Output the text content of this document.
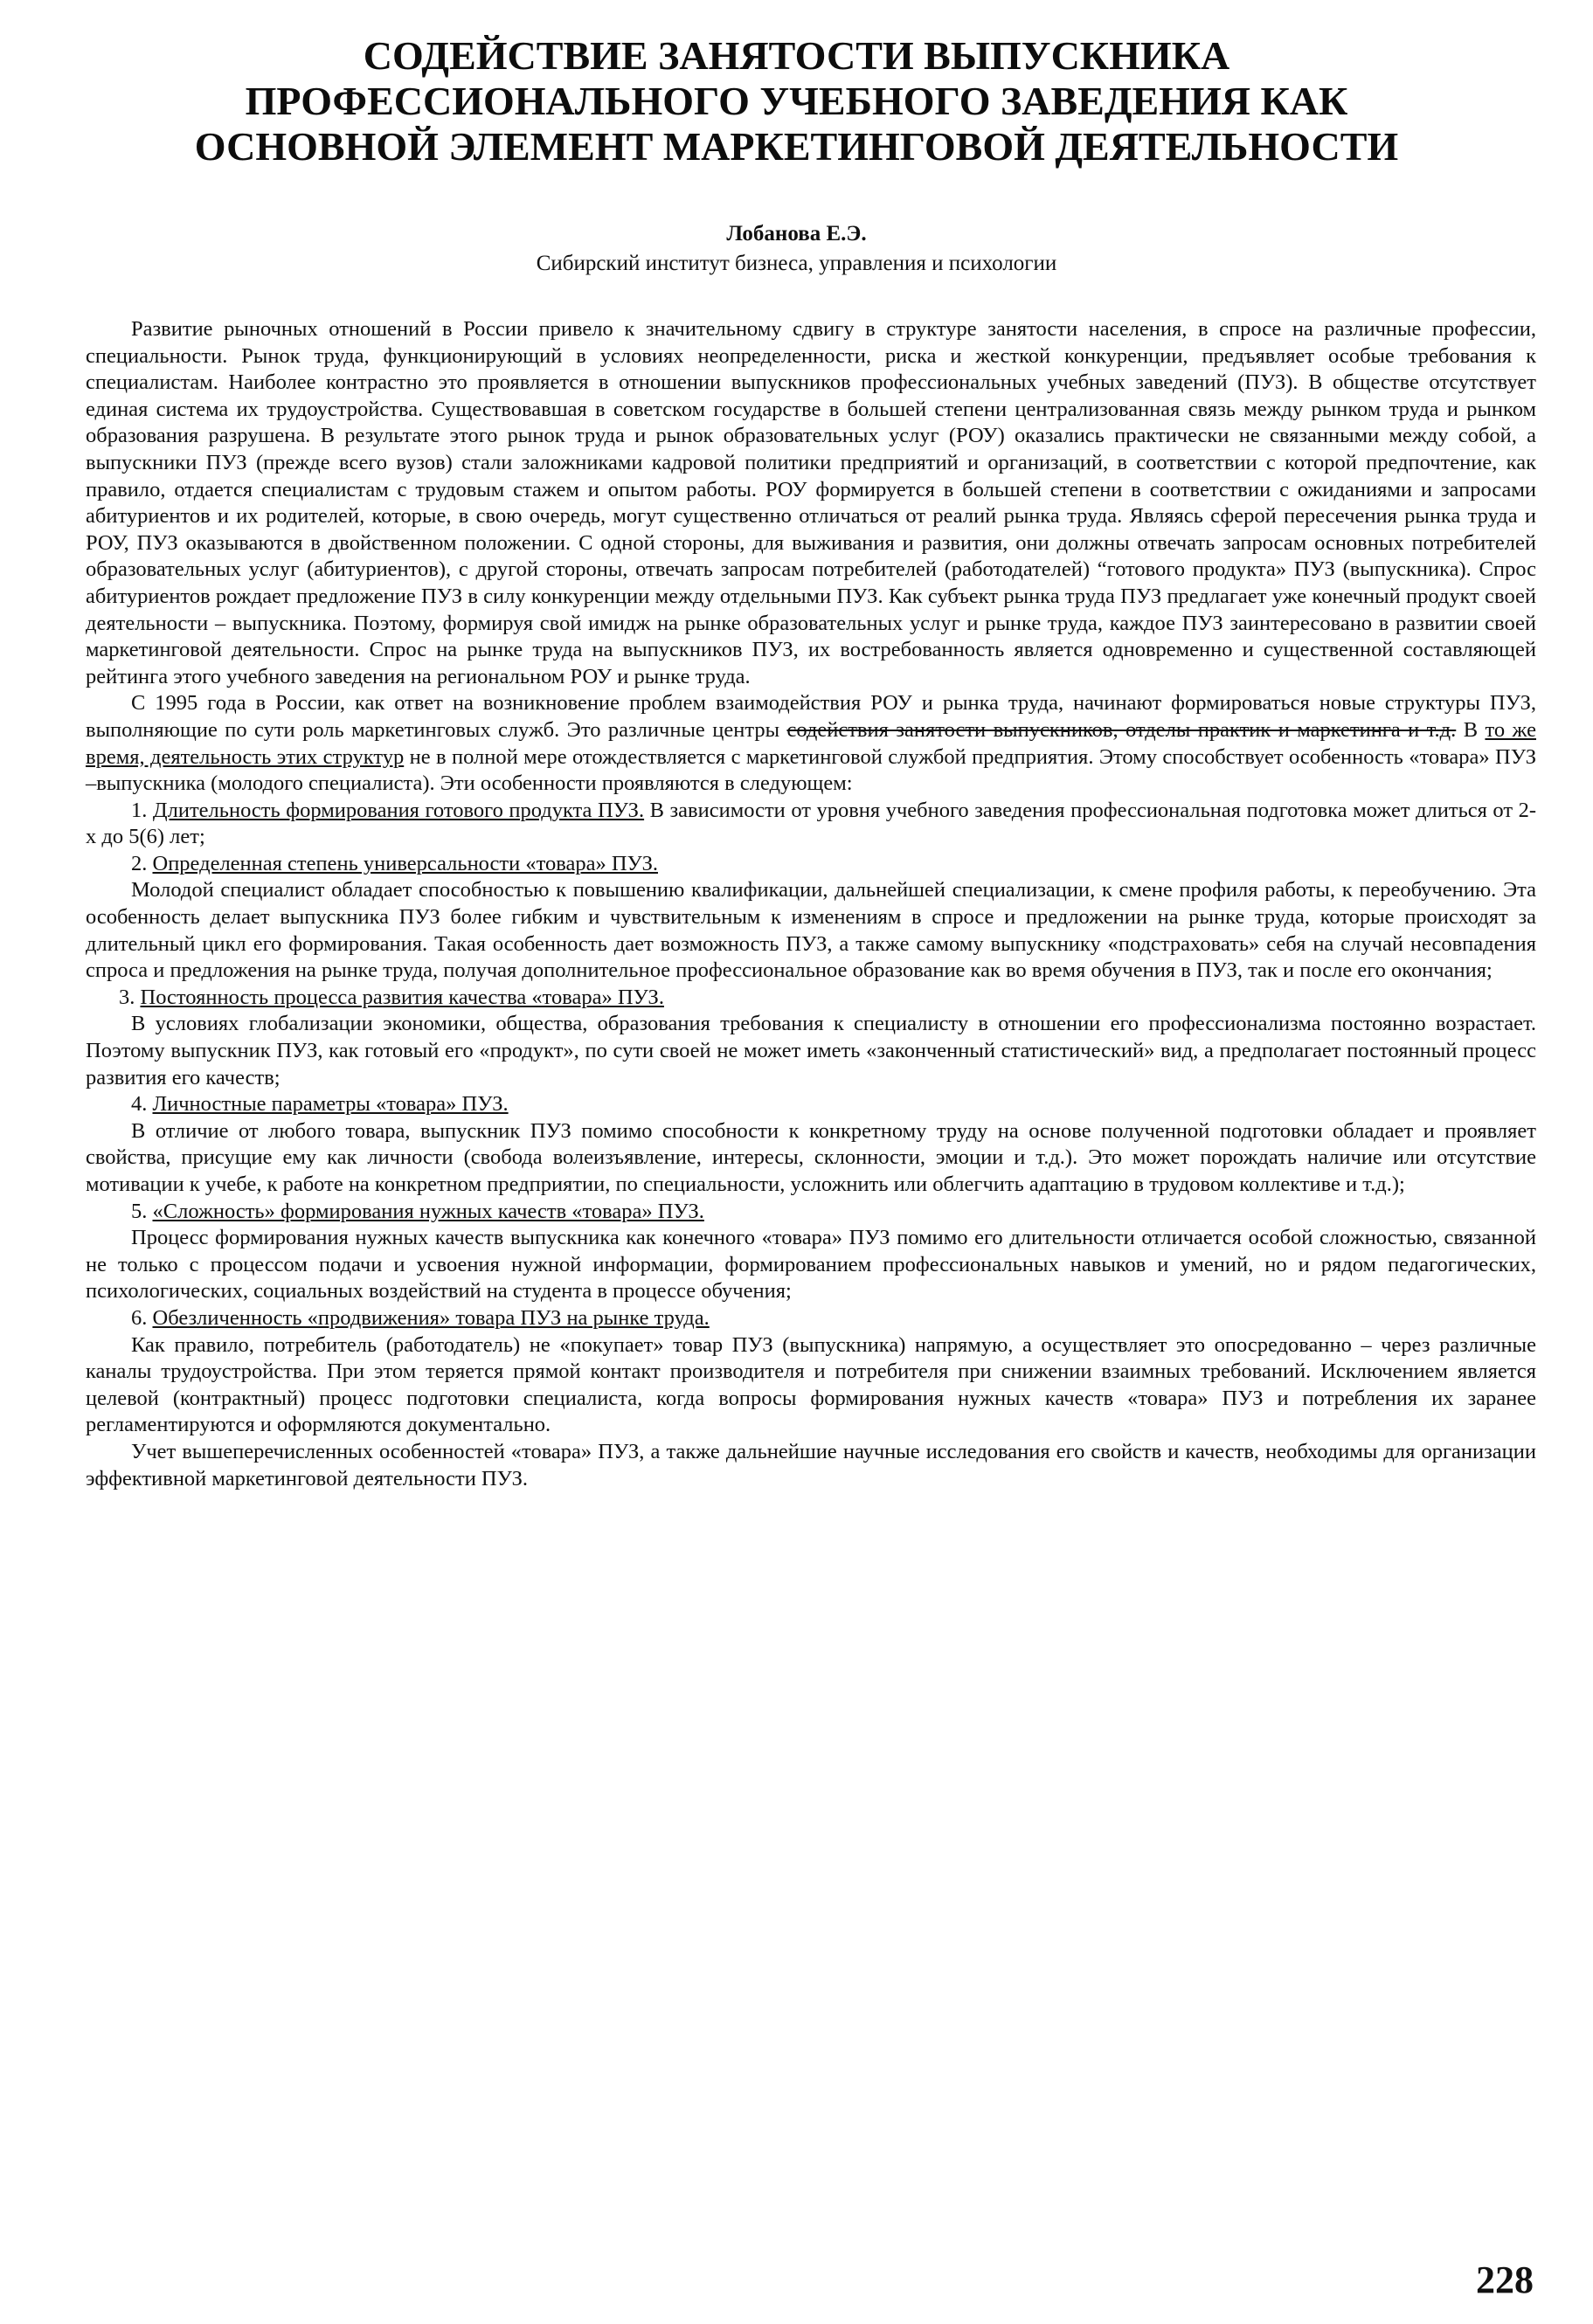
СОДЕЙСТВИЕ ЗАНЯТОСТИ ВЫПУСКНИКА
ПРОФЕССИОНАЛЬНОГО УЧЕБНОГО ЗАВЕДЕНИЯ КАК
ОСНОВНОЙ ЭЛЕМЕНТ МАРКЕТИНГОВОЙ ДЕЯТЕЛЬНОСТИ
Лобанова Е.Э.
Сибирский институт бизнеса, управления и психологии

Развитие рыночных отношений в России привело к значительному сдвигу в структуре занятости населения, в спросе на различные профессии, специальности. Рынок труда, функционирующий в условиях неопределенности, риска и жесткой конкуренции, предъявляет особые требования к специалистам. Наиболее контрастно это проявляется в отношении выпускников профессиональных учебных заведений (ПУЗ). В обществе отсутствует единая система их трудоустройства. Существовавшая в советском государстве в большей степени централизованная связь между рынком труда и рынком образования разрушена. В результате этого рынок труда и рынок образовательных услуг (РОУ) оказались практически не связанными между собой, а выпускники ПУЗ (прежде всего вузов) стали заложниками кадровой политики предприятий и организаций, в соответствии с которой предпочтение, как правило, отдается специалистам с трудовым стажем и опытом работы. РОУ формируется в большей степени в соответствии с ожиданиями и запросами абитуриентов и их родителей, которые, в свою очередь, могут существенно отличаться от реалий рынка труда. Являясь сферой пересечения рынка труда и РОУ, ПУЗ оказываются в двойственном положении. С одной стороны, для выживания и развития, они должны отвечать запросам основных потребителей образовательных услуг (абитуриентов), с другой стороны, отвечать запросам потребителей (работодателей) “готового продукта» ПУЗ (выпускника). Спрос абитуриентов рождает предложение ПУЗ в силу конкуренции между отдельными ПУЗ. Как субъект рынка труда ПУЗ предлагает уже конечный продукт своей деятельности – выпускника. Поэтому, формируя свой имидж на рынке образовательных услуг и рынке труда, каждое ПУЗ заинтересовано в развитии своей маркетинговой деятельности. Спрос на рынке труда на выпускников ПУЗ, их востребованность является одновременно и существенной составляющей рейтинга этого учебного заведения на региональном РОУ и рынке труда.

С 1995 года в России, как ответ на возникновение проблем взаимодействия РОУ и рынка труда, начинают формироваться новые структуры ПУЗ, выполняющие по сути роль маркетинговых служб. Это различные центры содействия занятости выпускников, отделы практик и маркетинга и т.д. В то же время, деятельность этих структур не в полной мере отождествляется с маркетинговой службой предприятия. Этому способствует особенность «товара» ПУЗ –выпускника (молодого специалиста). Эти особенности проявляются в следующем:

1. Длительность формирования готового продукта ПУЗ. В зависимости от уровня учебного заведения профессиональная подготовка может длиться от 2-х до 5(6) лет;

2. Определенная степень универсальности «товара» ПУЗ.

Молодой специалист обладает способностью к повышению квалификации, дальнейшей специализации, к смене профиля работы, к переобучению. Эта особенность делает выпускника ПУЗ более гибким и чувствительным к изменениям в спросе и предложении на рынке труда, которые происходят за длительный цикл его формирования. Такая особенность дает возможность ПУЗ, а также самому выпускнику «подстраховать» себя на случай несовпадения спроса и предложения на рынке труда, получая дополнительное профессиональное образование как во время обучения в ПУЗ, так и после его окончания;

3. Постоянность процесса развития качества «товара» ПУЗ.

В условиях глобализации экономики, общества, образования требования к специалисту в отношении его профессионализма постоянно возрастает. Поэтому выпускник ПУЗ, как готовый его «продукт», по сути своей не может иметь «законченный статистический» вид, а предполагает постоянный процесс развития его качеств;

4. Личностные параметры «товара» ПУЗ.

В отличие от любого товара, выпускник ПУЗ помимо способности к конкретному труду на основе полученной подготовки обладает и проявляет свойства, присущие ему как личности (свобода волеизъявление, интересы, склонности, эмоции и т.д.). Это может порождать наличие или отсутствие мотивации к учебе, к работе на конкретном предприятии, по специальности, усложнить или облегчить адаптацию в трудовом коллективе и т.д.);

5. «Сложность» формирования нужных качеств «товара» ПУЗ.

Процесс формирования нужных качеств выпускника как конечного «товара» ПУЗ помимо его длительности отличается особой сложностью, связанной не только с процессом подачи и усвоения нужной информации, формированием профессиональных навыков и умений, но и рядом педагогических, психологических, социальных воздействий на студента в процессе обучения;

6. Обезличенность «продвижения» товара ПУЗ на рынке труда.

Как правило, потребитель (работодатель) не «покупает» товар ПУЗ (выпускника) напрямую, а осуществляет это опосредованно – через различные каналы трудоустройства. При этом теряется прямой контакт производителя и потребителя при снижении взаимных требований. Исключением является целевой (контрактный) процесс подготовки специалиста, когда вопросы формирования нужных качеств «товара» ПУЗ и потребления их заранее регламентируются и оформляются документально.

Учет вышеперечисленных особенностей «товара» ПУЗ, а также дальнейшие научные исследования его свойств и качеств, необходимы для организации эффективной маркетинговой деятельности ПУЗ.

228
